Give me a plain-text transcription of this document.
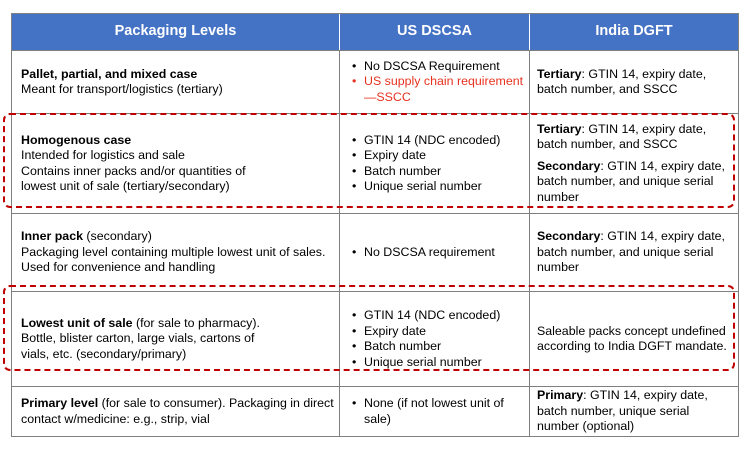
Packaging Levels	US DSCSA	India DGFT
Pallet, partial, and mixed case
Meant for transport/logistics (tertiary)
• No DSCSA Requirement
• US supply chain requirement—SSCC
Tertiary: GTIN 14, expiry date, batch number, and SSCC
Homogenous case
Intended for logistics and sale
Contains inner packs and/or quantities of lowest unit of sale (tertiary/secondary)
• GTIN 14 (NDC encoded)
• Expiry date
• Batch number
• Unique serial number
Tertiary: GTIN 14, expiry date, batch number, and SSCC
Secondary: GTIN 14, expiry date, batch number, and unique serial number
Inner pack (secondary)
Packaging level containing multiple lowest unit of sales. Used for convenience and handling
• No DSCSA requirement
Secondary: GTIN 14, expiry date, batch number, and unique serial number
Lowest unit of sale (for sale to pharmacy).
Bottle, blister carton, large vials, cartons of vials, etc. (secondary/primary)
• GTIN 14 (NDC encoded)
• Expiry date
• Batch number
• Unique serial number
Saleable packs concept undefined according to India DGFT mandate.
Primary level (for sale to consumer). Packaging in direct contact w/medicine: e.g., strip, vial
• None (if not lowest unit of sale)
Primary: GTIN 14, expiry date, batch number, unique serial number (optional)
